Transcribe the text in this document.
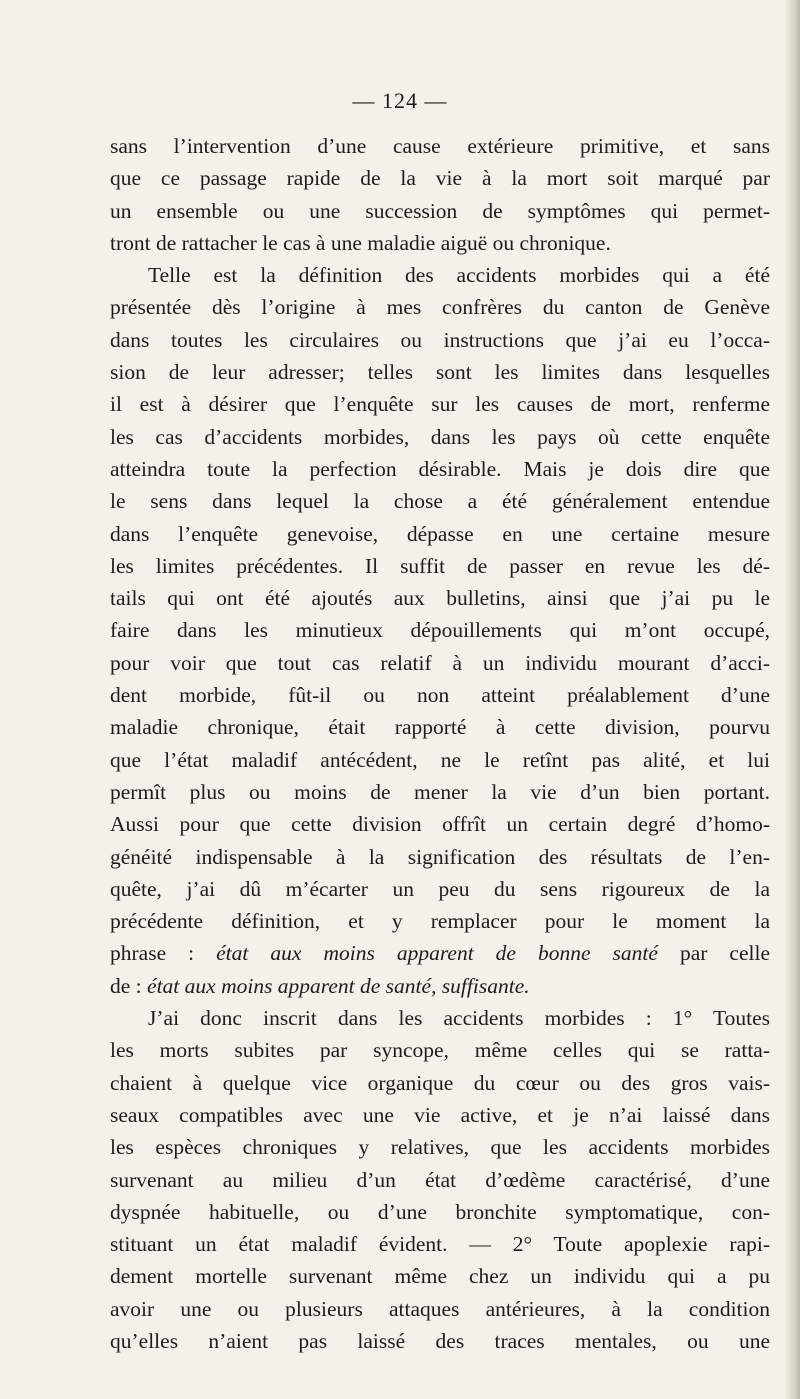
— 124 —
sans l’intervention d’une cause extérieure primitive, et sans
que ce passage rapide de la vie à la mort soit marqué par
un ensemble ou une succession de symptômes qui permet-
tront de rattacher le cas à une maladie aiguë ou chronique.
Telle est la définition des accidents morbides qui a été
présentée dès l’origine à mes confrères du canton de Genève
dans toutes les circulaires ou instructions que j’ai eu l’occa-
sion de leur adresser; telles sont les limites dans lesquelles
il est à désirer que l’enquête sur les causes de mort, renferme
les cas d’accidents morbides, dans les pays où cette enquête
atteindra toute la perfection désirable. Mais je dois dire que
le sens dans lequel la chose a été généralement entendue
dans l’enquête genevoise, dépasse en une certaine mesure
les limites précédentes. Il suffit de passer en revue les dé-
tails qui ont été ajoutés aux bulletins, ainsi que j’ai pu le
faire dans les minutieux dépouillements qui m’ont occupé,
pour voir que tout cas relatif à un individu mourant d’acci-
dent morbide, fût-il ou non atteint préalablement d’une
maladie chronique, était rapporté à cette division, pourvu
que l’état maladif antécédent, ne le retînt pas alité, et lui
permît plus ou moins de mener la vie d’un bien portant.
Aussi pour que cette division offrît un certain degré d’homo-
généité indispensable à la signification des résultats de l’en-
quête, j’ai dû m’écarter un peu du sens rigoureux de la
précédente définition, et y remplacer pour le moment la
phrase : état aux moins apparent de bonne santé par celle
de : état aux moins apparent de santé, suffisante.
J’ai donc inscrit dans les accidents morbides : 1° Toutes
les morts subites par syncope, même celles qui se ratta-
chaient à quelque vice organique du cœur ou des gros vais-
seaux compatibles avec une vie active, et je n’ai laissé dans
les espèces chroniques y relatives, que les accidents morbides
survenant au milieu d’un état d’œdème caractérisé, d’une
dyspnée habituelle, ou d’une bronchite symptomatique, con-
stituant un état maladif évident. — 2° Toute apoplexie rapi-
dement mortelle survenant même chez un individu qui a pu
avoir une ou plusieurs attaques antérieures, à la condition
qu’elles n’aient pas laissé des traces mentales, ou une
